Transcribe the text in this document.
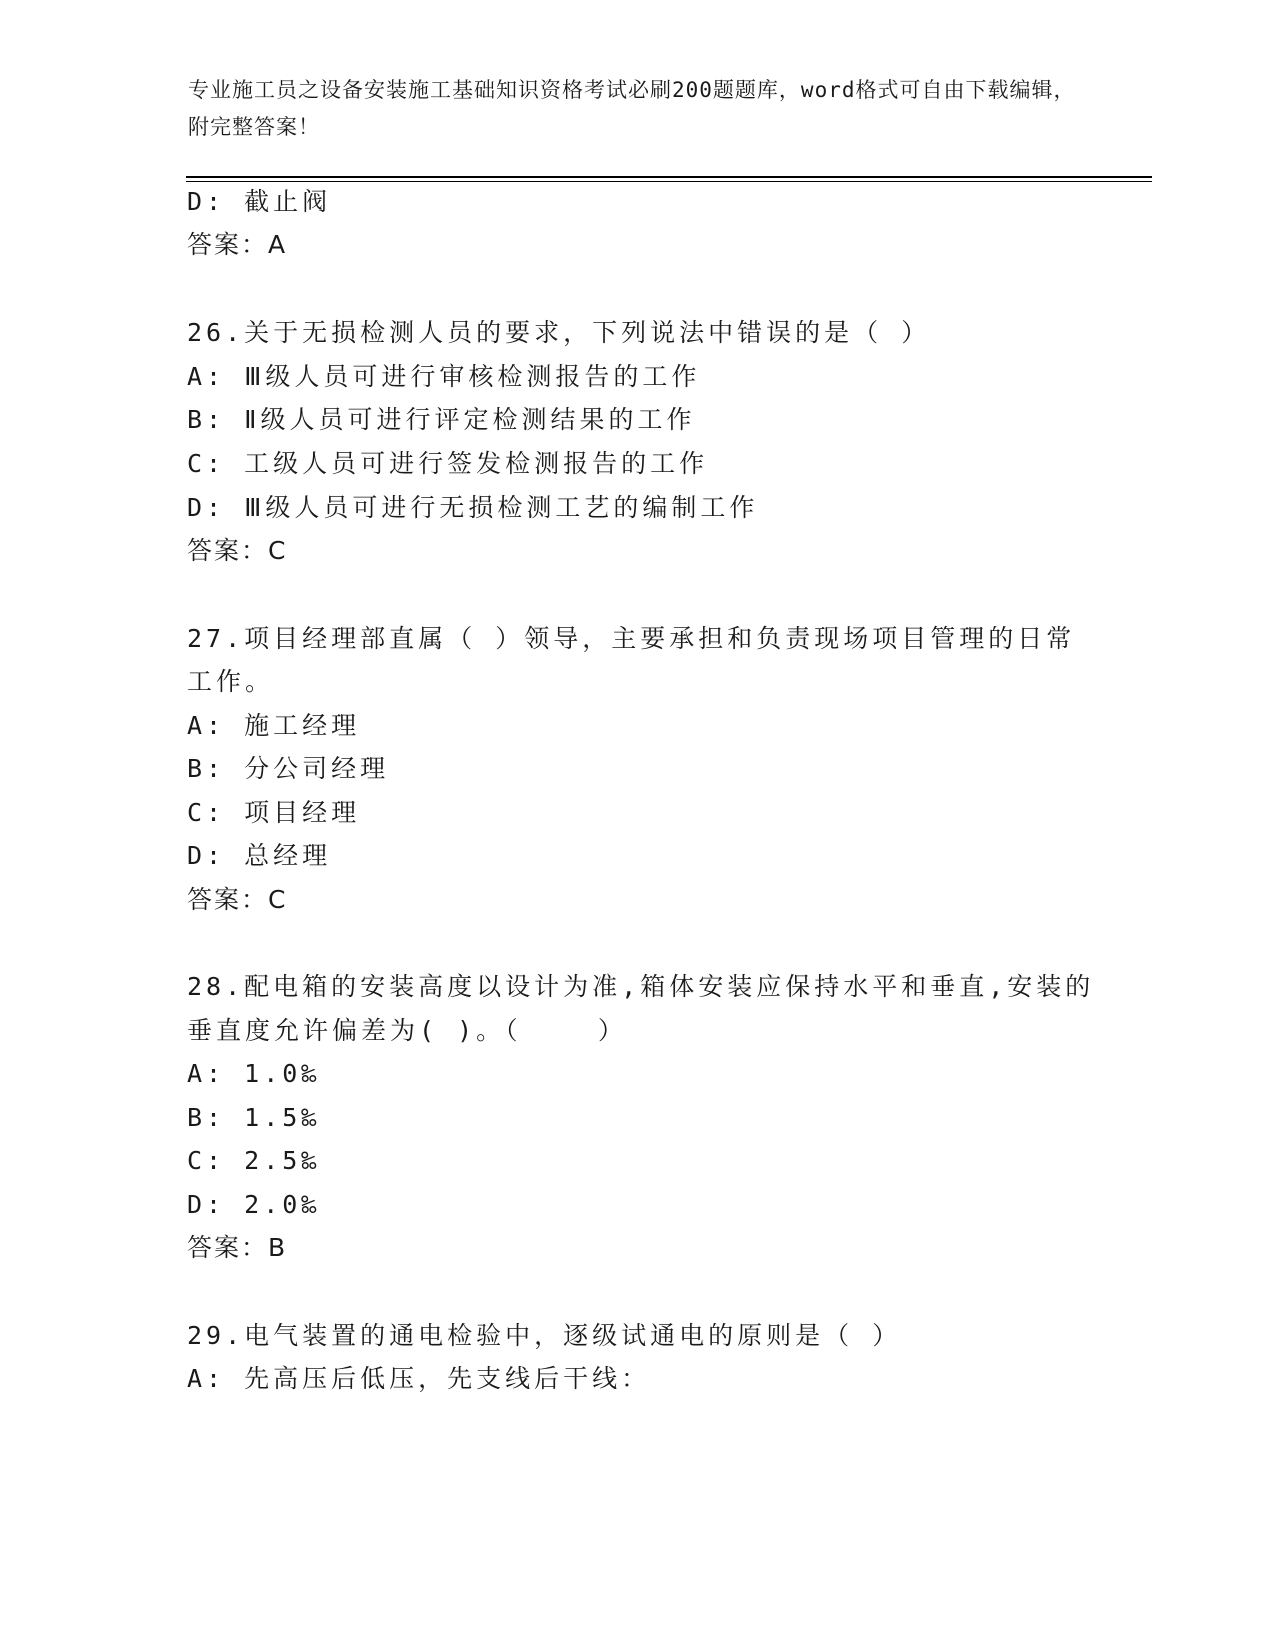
专业施工员之设备安装施工基础知识资格考试必刷200题题库，word格式可自由下载编辑，附完整答案！
D: 截止阀
答案：A
26.关于无损检测人员的要求，下列说法中错误的是（ ）
A: Ⅲ级人员可进行审核检测报告的工作
B: Ⅱ级人员可进行评定检测结果的工作
C: 工级人员可进行签发检测报告的工作
D: Ⅲ级人员可进行无损检测工艺的编制工作
答案：C
27.项目经理部直属（ ）领导，主要承担和负责现场项目管理的日常
工作。
A: 施工经理
B: 分公司经理
C: 项目经理
D: 总经理
答案：C
28.配电箱的安装高度以设计为准,箱体安装应保持水平和垂直,安装的
垂直度允许偏差为( )。（    ）
A: 1.0‰
B: 1.5‰
C: 2.5‰
D: 2.0‰
答案：B
29.电气装置的通电检验中，逐级试通电的原则是（ ）
A: 先高压后低压，先支线后干线：
